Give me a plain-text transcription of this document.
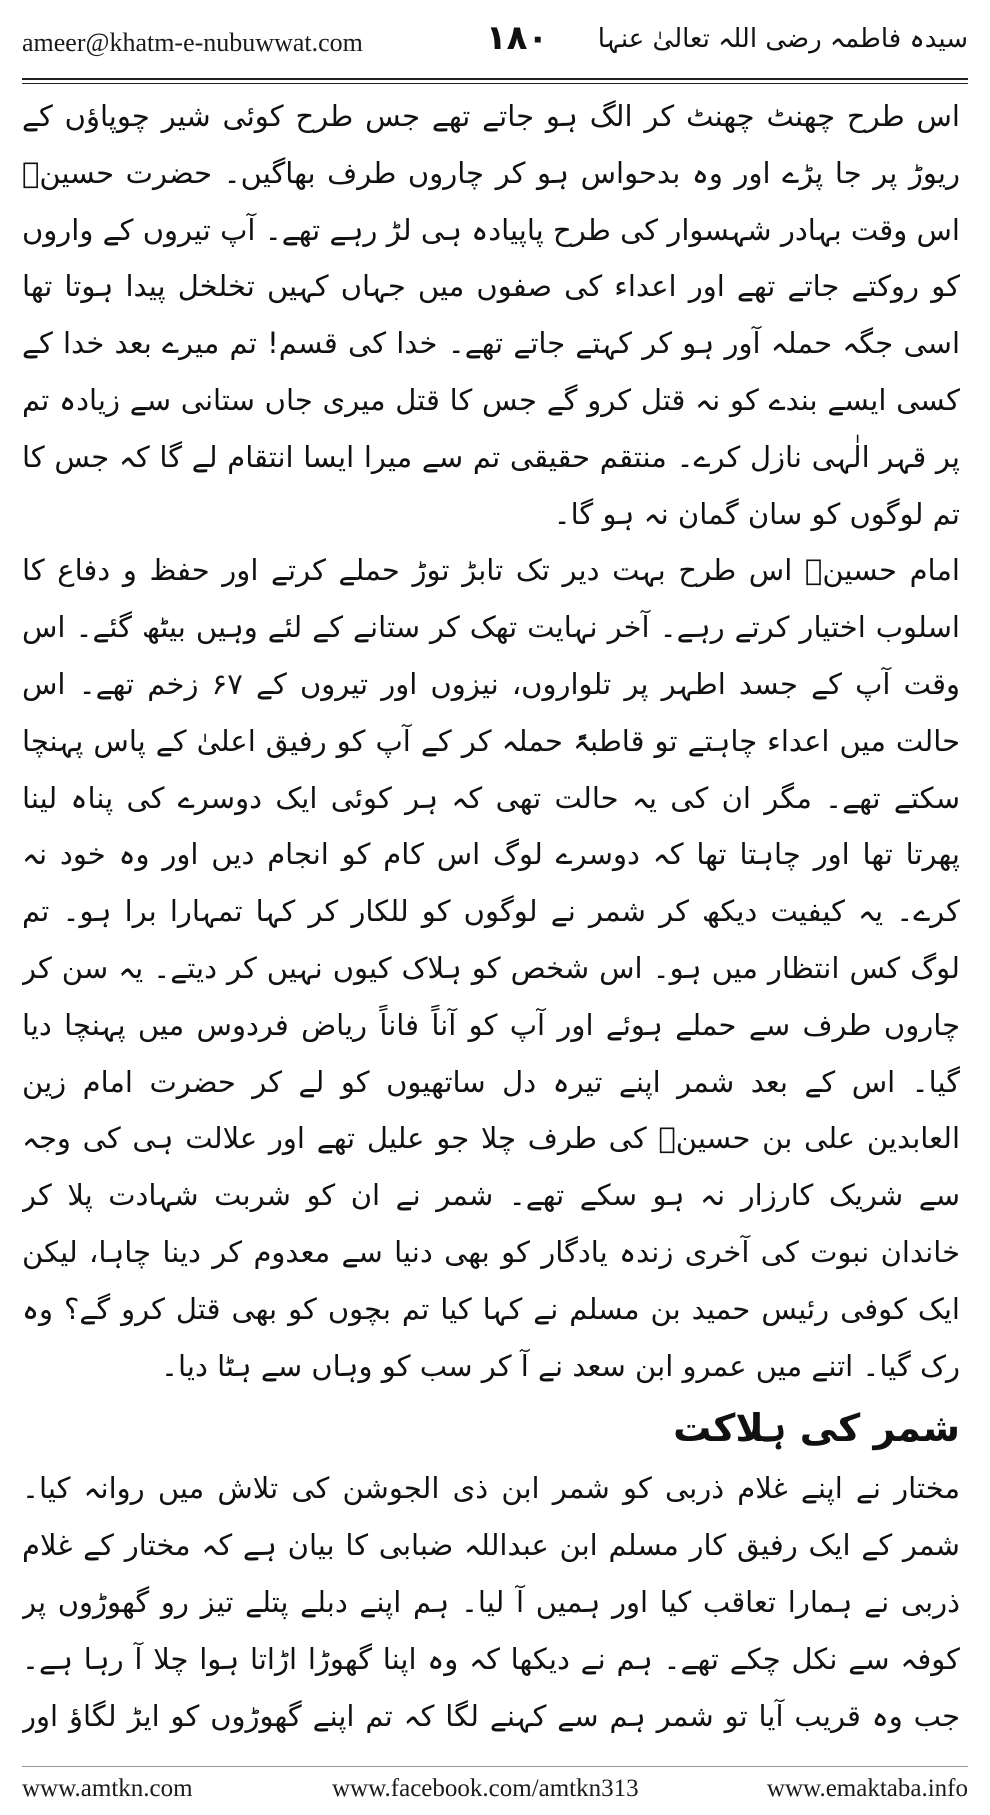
ameer@khatm-e-nubuwwat.com	۱۸۰	سیدہ فاطمہ رضی اللہ تعالیٰ عنہا

اس طرح چھنٹ چھنٹ کر الگ ہو جاتے تھے جس طرح کوئی شیر چوپاؤں کے ریوڑ پر جا پڑے اور وہ بدحواس ہو کر چاروں طرف بھاگیں۔ حضرت حسینؓ اس وقت بہادر شہسوار کی طرح پاپیادہ ہی لڑ رہے تھے۔ آپ تیروں کے واروں کو روکتے جاتے تھے اور اعداء کی صفوں میں جہاں کہیں تخلخل پیدا ہوتا تھا اسی جگہ حملہ آور ہو کر کہتے جاتے تھے۔ خدا کی قسم! تم میرے بعد خدا کے کسی ایسے بندے کو نہ قتل کرو گے جس کا قتل میری جاں ستانی سے زیادہ تم پر قہر الٰہی نازل کرے۔ منتقم حقیقی تم سے میرا ایسا انتقام لے گا کہ جس کا تم لوگوں کو سان گمان نہ ہو گا۔

امام حسینؓ اس طرح بہت دیر تک تابڑ توڑ حملے کرتے اور حفظ و دفاع کا اسلوب اختیار کرتے رہے۔ آخر نہایت تھک کر ستانے کے لئے وہیں بیٹھ گئے۔ اس وقت آپ کے جسد اطہر پر تلواروں، نیزوں اور تیروں کے ۶۷ زخم تھے۔ اس حالت میں اعداء چاہتے تو قاطبۃً حملہ کر کے آپ کو رفیق اعلیٰ کے پاس پہنچا سکتے تھے۔ مگر ان کی یہ حالت تھی کہ ہر کوئی ایک دوسرے کی پناہ لینا پھرتا تھا اور چاہتا تھا کہ دوسرے لوگ اس کام کو انجام دیں اور وہ خود نہ کرے۔ یہ کیفیت دیکھ کر شمر نے لوگوں کو للکار کر کہا تمہارا برا ہو۔ تم لوگ کس انتظار میں ہو۔ اس شخص کو ہلاک کیوں نہیں کر دیتے۔ یہ سن کر چاروں طرف سے حملے ہوئے اور آپ کو آناً فاناً ریاض فردوس میں پہنچا دیا گیا۔ اس کے بعد شمر اپنے تیرہ دل ساتھیوں کو لے کر حضرت امام زین العابدین علی بن حسینؓ کی طرف چلا جو علیل تھے اور علالت ہی کی وجہ سے شریک کارزار نہ ہو سکے تھے۔ شمر نے ان کو شربت شہادت پلا کر خاندان نبوت کی آخری زندہ یادگار کو بھی دنیا سے معدوم کر دینا چاہا، لیکن ایک کوفی رئیس حمید بن مسلم نے کہا کیا تم بچوں کو بھی قتل کرو گے؟ وہ رک گیا۔ اتنے میں عمرو ابن سعد نے آ کر سب کو وہاں سے ہٹا دیا۔

شمر کی ہلاکت

مختار نے اپنے غلام ذربی کو شمر ابن ذی الجوشن کی تلاش میں روانہ کیا۔ شمر کے ایک رفیق کار مسلم ابن عبداللہ ضبابی کا بیان ہے کہ مختار کے غلام ذربی نے ہمارا تعاقب کیا اور ہمیں آ لیا۔ ہم اپنے دبلے پتلے تیز رو گھوڑوں پر کوفہ سے نکل چکے تھے۔ ہم نے دیکھا کہ وہ اپنا گھوڑا اڑاتا ہوا چلا آ رہا ہے۔ جب وہ قریب آیا تو شمر ہم سے کہنے لگا کہ تم اپنے گھوڑوں کو ایڑ لگاؤ اور

www.amtkn.com	www.facebook.com/amtkn313	www.emaktaba.info
